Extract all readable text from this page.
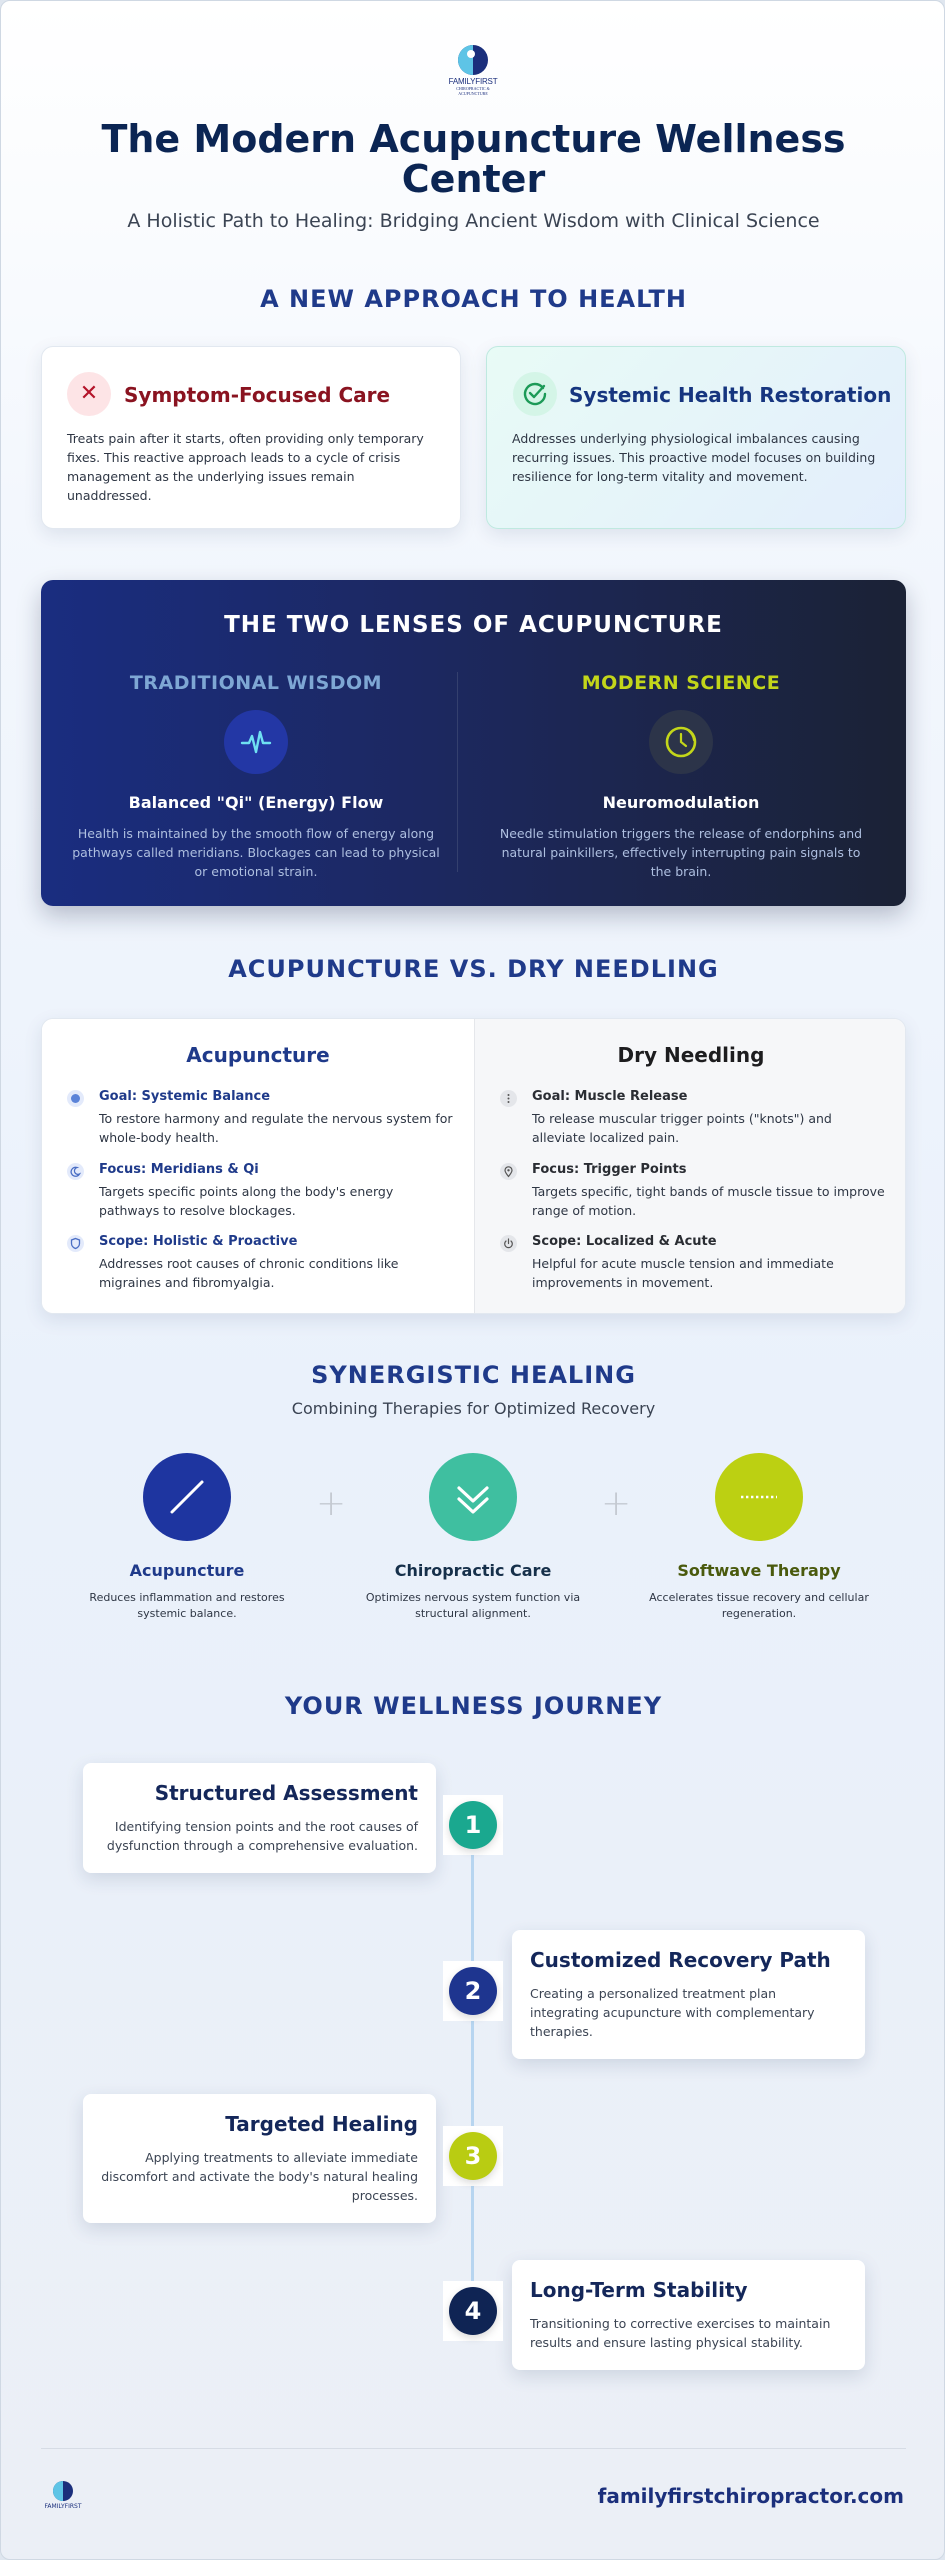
FAMILYFIRST
CHIROPRACTIC & ACUPUNCTURE
The Modern Acupuncture Wellness Center
A Holistic Path to Healing: Bridging Ancient Wisdom with Clinical Science
A NEW APPROACH TO HEALTH
✕	Symptom-Focused Care

Treats pain after it starts, often providing only temporary fixes. This reactive approach leads to a cycle of crisis management as the underlying issues remain unaddressed.

Systemic Health Restoration

Addresses underlying physiological imbalances causing recurring issues. This proactive model focuses on building resilience for long-term vitality and movement.

THE TWO LENSES OF ACUPUNCTURE
TRADITIONAL WISDOM
Balanced "Qi" (Energy) Flow

Health is maintained by the smooth flow of energy along pathways called meridians. Blockages can lead to physical or emotional strain.

MODERN SCIENCE
Neuromodulation

Needle stimulation triggers the release of endorphins and natural painkillers, effectively interrupting pain signals to the brain.

ACUPUNCTURE VS. DRY NEEDLING
Acupuncture
Goal: Systemic Balance
To restore harmony and regulate the nervous system for whole-body health.
Focus: Meridians & Qi
Targets specific points along the body's energy pathways to resolve blockages.
Scope: Holistic & Proactive
Addresses root causes of chronic conditions like migraines and fibromyalgia.
Dry Needling
Goal: Muscle Release
To release muscular trigger points ("knots") and alleviate localized pain.
Focus: Trigger Points
Targets specific, tight bands of muscle tissue to improve range of motion.
Scope: Localized & Acute
Helpful for acute muscle tension and immediate improvements in movement.
SYNERGISTIC HEALING
Combining Therapies for Optimized Recovery
Acupuncture

Reduces inflammation and restores systemic balance.

+
Chiropractic Care

Optimizes nervous system function via structural alignment.

+
Softwave Therapy

Accelerates tissue recovery and cellular regeneration.

YOUR WELLNESS JOURNEY
Structured Assessment

Identifying tension points and the root causes of dysfunction through a comprehensive evaluation.

1
Customized Recovery Path

Creating a personalized treatment plan integrating acupuncture with complementary therapies.

2
Targeted Healing

Applying treatments to alleviate immediate discomfort and activate the body's natural healing processes.

3
Long-Term Stability

Transitioning to corrective exercises to maintain results and ensure lasting physical stability.

4
FAMILYFIRST	familyfirstchiropractor.com
